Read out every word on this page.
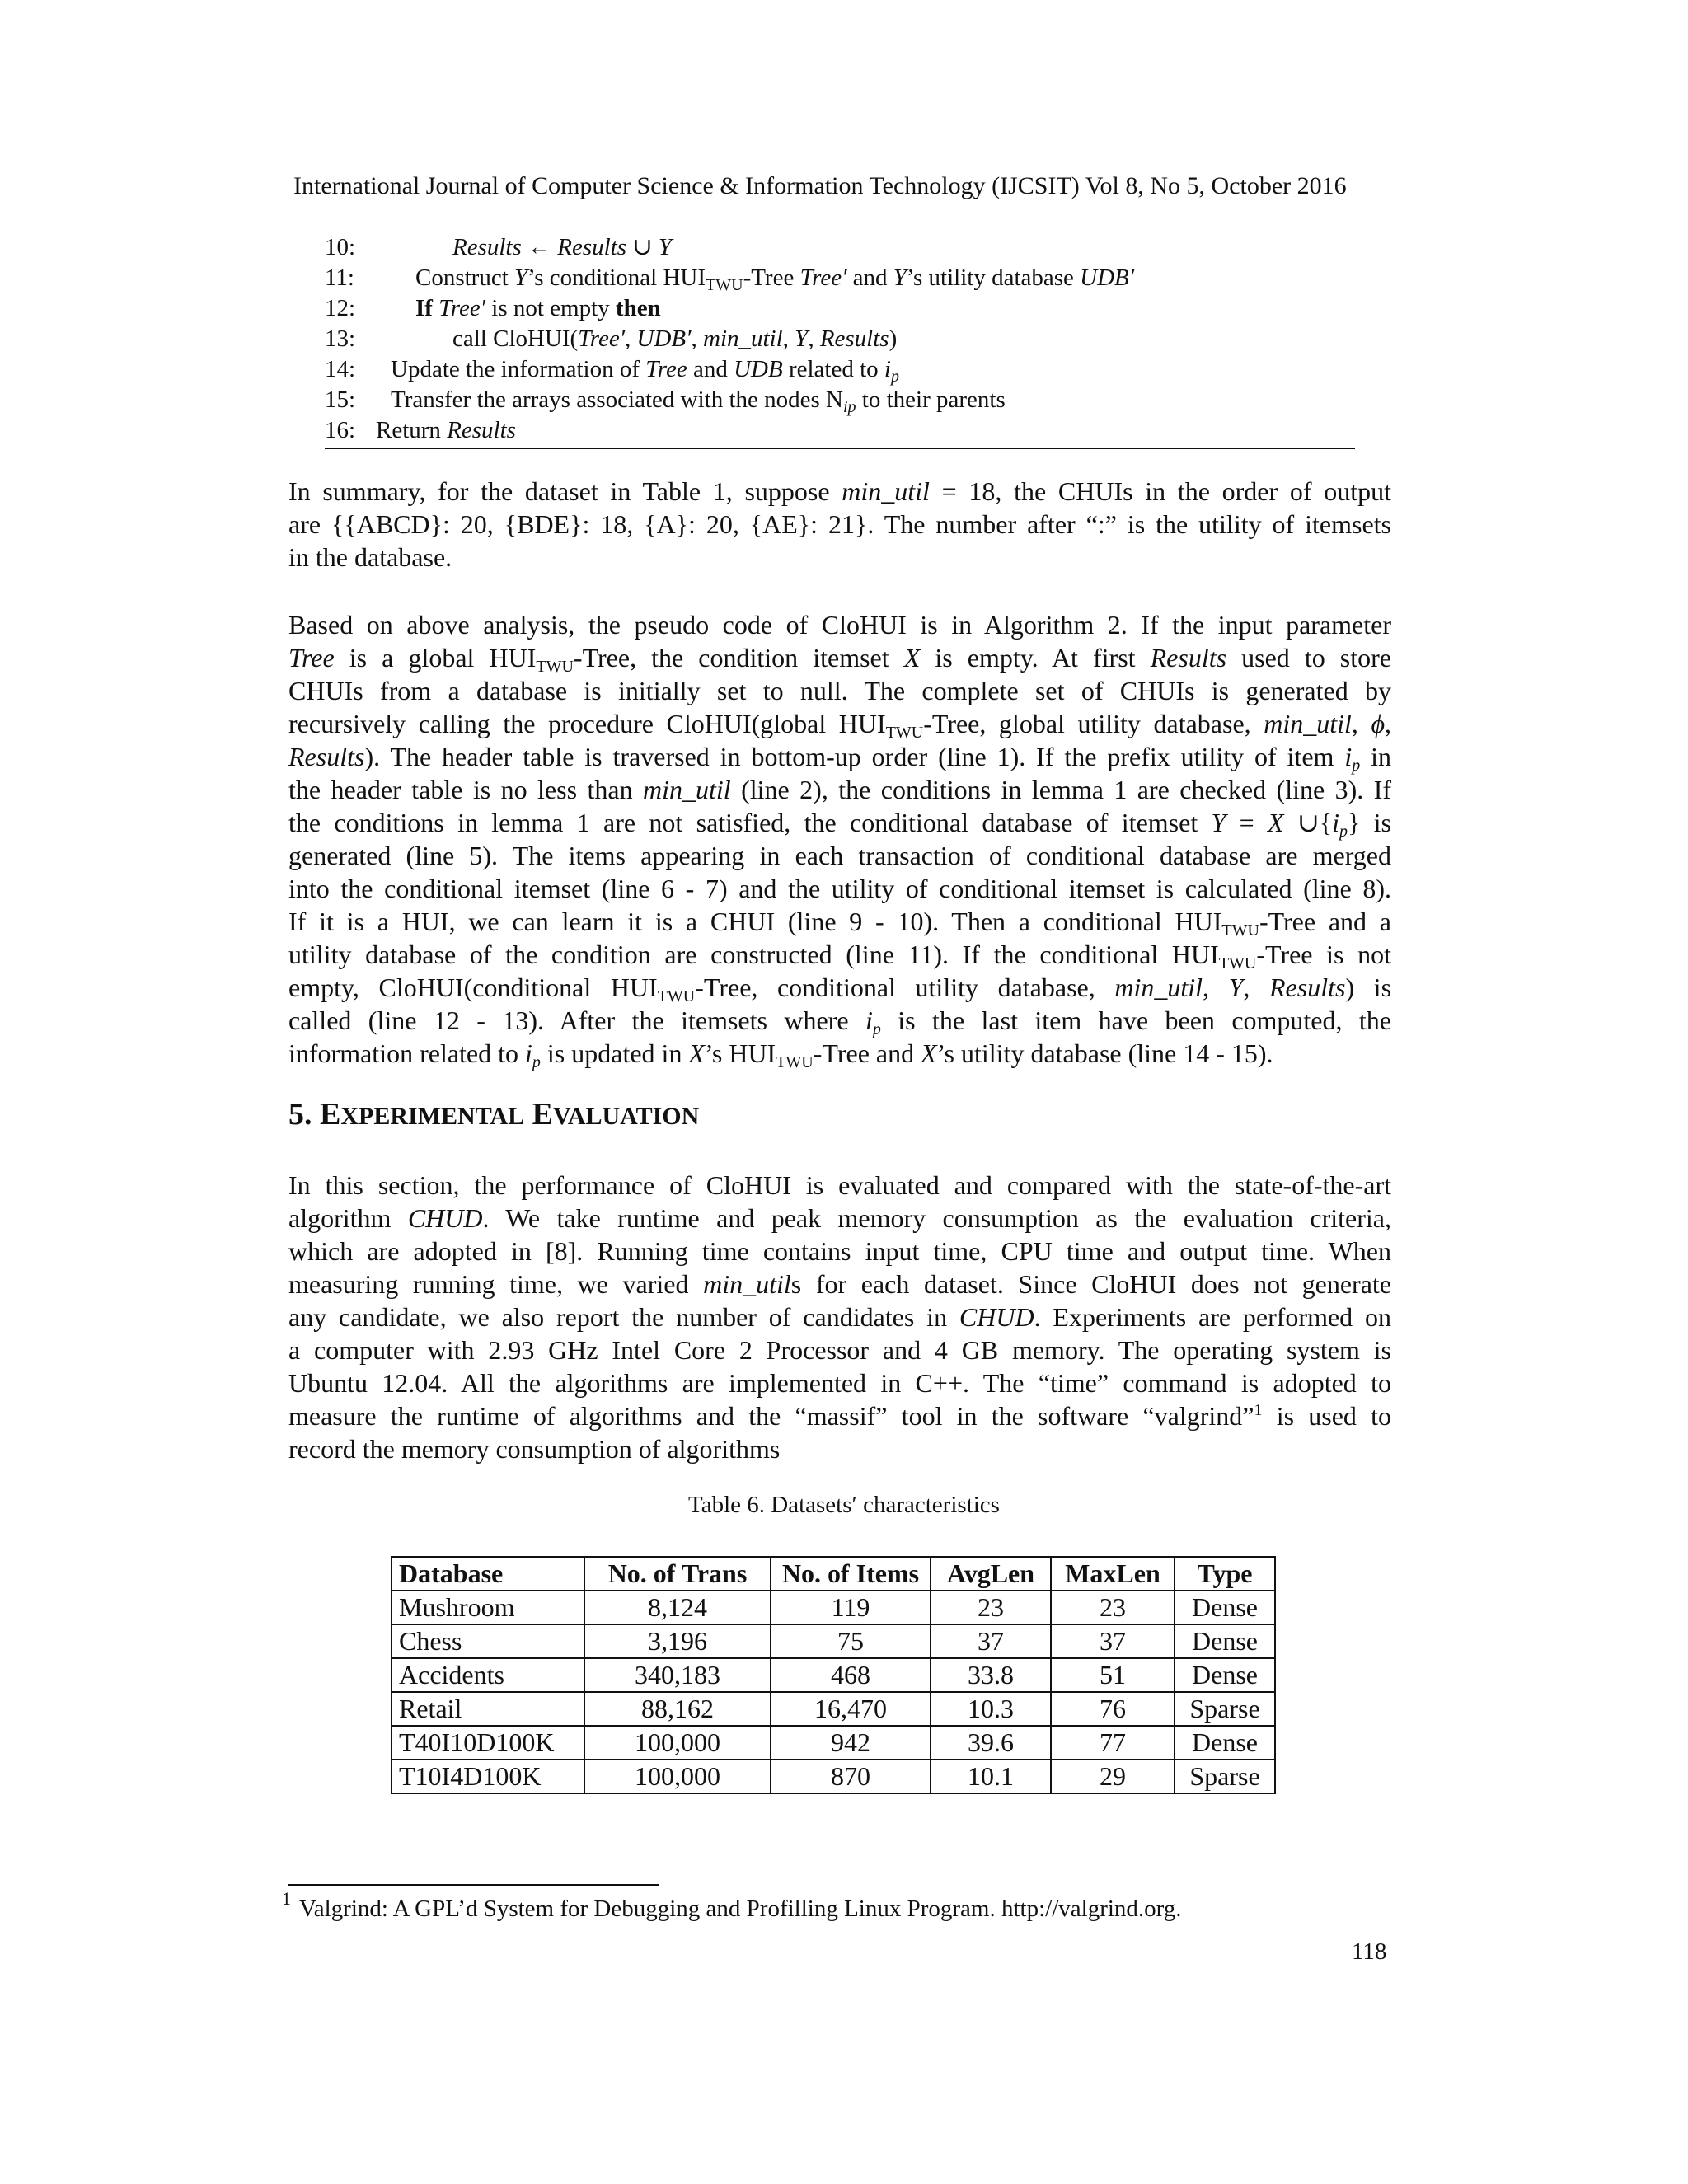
International Journal of Computer Science & Information Technology (IJCSIT) Vol 8, No 5, October 2016
10:	Results ← Results ∪ Y
11:	Construct Y’s conditional $HUI_{TWU}$-Tree Tree′ and Y’s utility database UDB′
12:	If Tree′ is not empty then
13:	call CloHUI(Tree′, UDB′, min_util, Y, Results)
14: Update the information of Tree and UDB related to $i_p$
15: Transfer the arrays associated with the nodes $N_{ip}$ to their parents
16: Return Results
In summary, for the dataset in Table 1, suppose min_util = 18, the CHUIs in the order of output
are {{ABCD}: 20, {BDE}: 18, {A}: 20, {AE}: 21}. The number after “:” is the utility of itemsets
in the database.
Based on above analysis, the pseudo code of CloHUI is in Algorithm 2. If the input parameter
Tree is a global $HUI_{TWU}$-Tree, the condition itemset X is empty. At first Results used to store
CHUIs from a database is initially set to null. The complete set of CHUIs is generated by
recursively calling the procedure CloHUI(global $HUI_{TWU}$-Tree, global utility database, min_util, ϕ,
Results). The header table is traversed in bottom-up order (line 1). If the prefix utility of item $i_p$ in
the header table is no less than min_util (line 2), the conditions in lemma 1 are checked (line 3). If
the conditions in lemma 1 are not satisfied, the conditional database of itemset Y = X $\cup\{i_p\}$ is
generated (line 5). The items appearing in each transaction of conditional database are merged
into the conditional itemset (line 6 - 7) and the utility of conditional itemset is calculated (line 8).
If it is a HUI, we can learn it is a CHUI (line 9 - 10). Then a conditional $HUI_{TWU}$-Tree and a
utility database of the condition are constructed (line 11). If the conditional $HUI_{TWU}$-Tree is not
empty, CloHUI(conditional $HUI_{TWU}$-Tree, conditional utility database, min_util, Y, Results) is
called (line 12 - 13). After the itemsets where $i_p$ is the last item have been computed, the
information related to $i_p$ is updated in X’s $HUI_{TWU}$-Tree and X’s utility database (line 14 - 15).
5. EXPERIMENTAL EVALUATION
In this section, the performance of CloHUI is evaluated and compared with the state-of-the-art
algorithm CHUD. We take runtime and peak memory consumption as the evaluation criteria,
which are adopted in [8]. Running time contains input time, CPU time and output time. When
measuring running time, we varied min_utils for each dataset. Since CloHUI does not generate
any candidate, we also report the number of candidates in CHUD. Experiments are performed on
a computer with 2.93 GHz Intel Core 2 Processor and 4 GB memory. The operating system is
Ubuntu 12.04. All the algorithms are implemented in C++. The “time” command is adopted to
measure the runtime of algorithms and the “massif” tool in the software “valgrind”$^1$ is used to
record the memory consumption of algorithms
Table 6. Datasets′ characteristics
Database	No. of Trans	No. of Items	AvgLen	MaxLen	Type
Mushroom	8,124	119	23	23	Dense
Chess	3,196	75	37	37	Dense
Accidents	340,183	468	33.8	51	Dense
Retail	88,162	16,470	10.3	76	Sparse
T40I10D100K	100,000	942	39.6	77	Dense
T10I4D100K	100,000	870	10.1	29	Sparse
$^1$ Valgrind: A GPL’d System for Debugging and Profilling Linux Program. http://valgrind.org.
118
